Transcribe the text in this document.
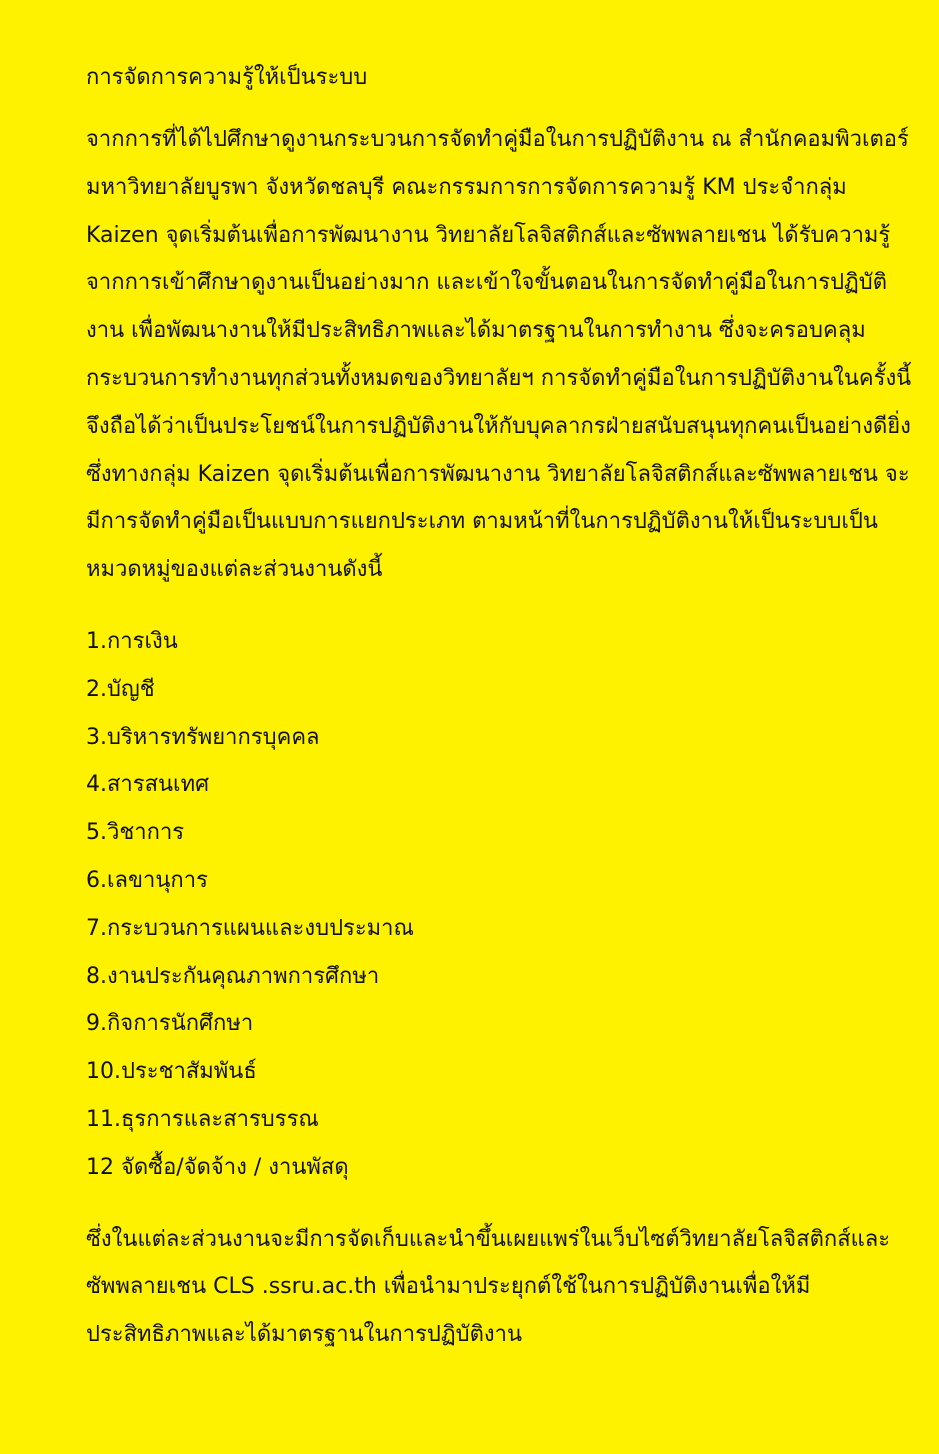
การจัดการความรู้ให้เป็นระบบ

จากการที่ได้ไปศึกษาดูงานกระบวนการจัดทำคู่มือในการปฏิบัติงาน ณ สำนักคอมพิวเตอร์ มหาวิทยาลัยบูรพา จังหวัดชลบุรี คณะกรรมการการจัดการความรู้ KM ประจำกลุ่ม Kaizen จุดเริ่มต้นเพื่อการพัฒนางาน วิทยาลัยโลจิสติกส์และซัพพลายเชน ได้รับความรู้จากการเข้าศึกษาดูงานเป็นอย่างมาก และเข้าใจขั้นตอนในการจัดทำคู่มือในการปฏิบัติงาน เพื่อพัฒนางานให้มีประสิทธิภาพและได้มาตรฐานในการทำงาน ซึ่งจะครอบคลุมกระบวนการทำงานทุกส่วนทั้งหมดของวิทยาลัยฯ การจัดทำคู่มือในการปฏิบัติงานในครั้งนี้จึงถือได้ว่าเป็นประโยชน์ในการปฏิบัติงานให้กับบุคลากรฝ่ายสนับสนุนทุกคนเป็นอย่างดียิ่ง ซึ่งทางกลุ่ม Kaizen จุดเริ่มต้นเพื่อการพัฒนางาน วิทยาลัยโลจิสติกส์และซัพพลายเชน จะมีการจัดทำคู่มือเป็นแบบการแยกประเภท ตามหน้าที่ในการปฏิบัติงานให้เป็นระบบเป็นหมวดหมู่ของแต่ละส่วนงานดังนี้

1.การเงิน
2.บัญชี
3.บริหารทรัพยากรบุคคล
4.สารสนเทศ
5.วิชาการ
6.เลขานุการ
7.กระบวนการแผนและงบประมาณ
8.งานประกันคุณภาพการศึกษา
9.กิจการนักศึกษา
10.ประชาสัมพันธ์
11.ธุรการและสารบรรณ
12 จัดซื้อ/จัดจ้าง / งานพัสดุ

ซึ่งในแต่ละส่วนงานจะมีการจัดเก็บและนำขึ้นเผยแพร่ในเว็บไซต์วิทยาลัยโลจิสติกส์และซัพพลายเชน CLS .ssru.ac.th เพื่อนำมาประยุกต์ใช้ในการปฏิบัติงานเพื่อให้มีประสิทธิภาพและได้มาตรฐานในการปฏิบัติงาน
